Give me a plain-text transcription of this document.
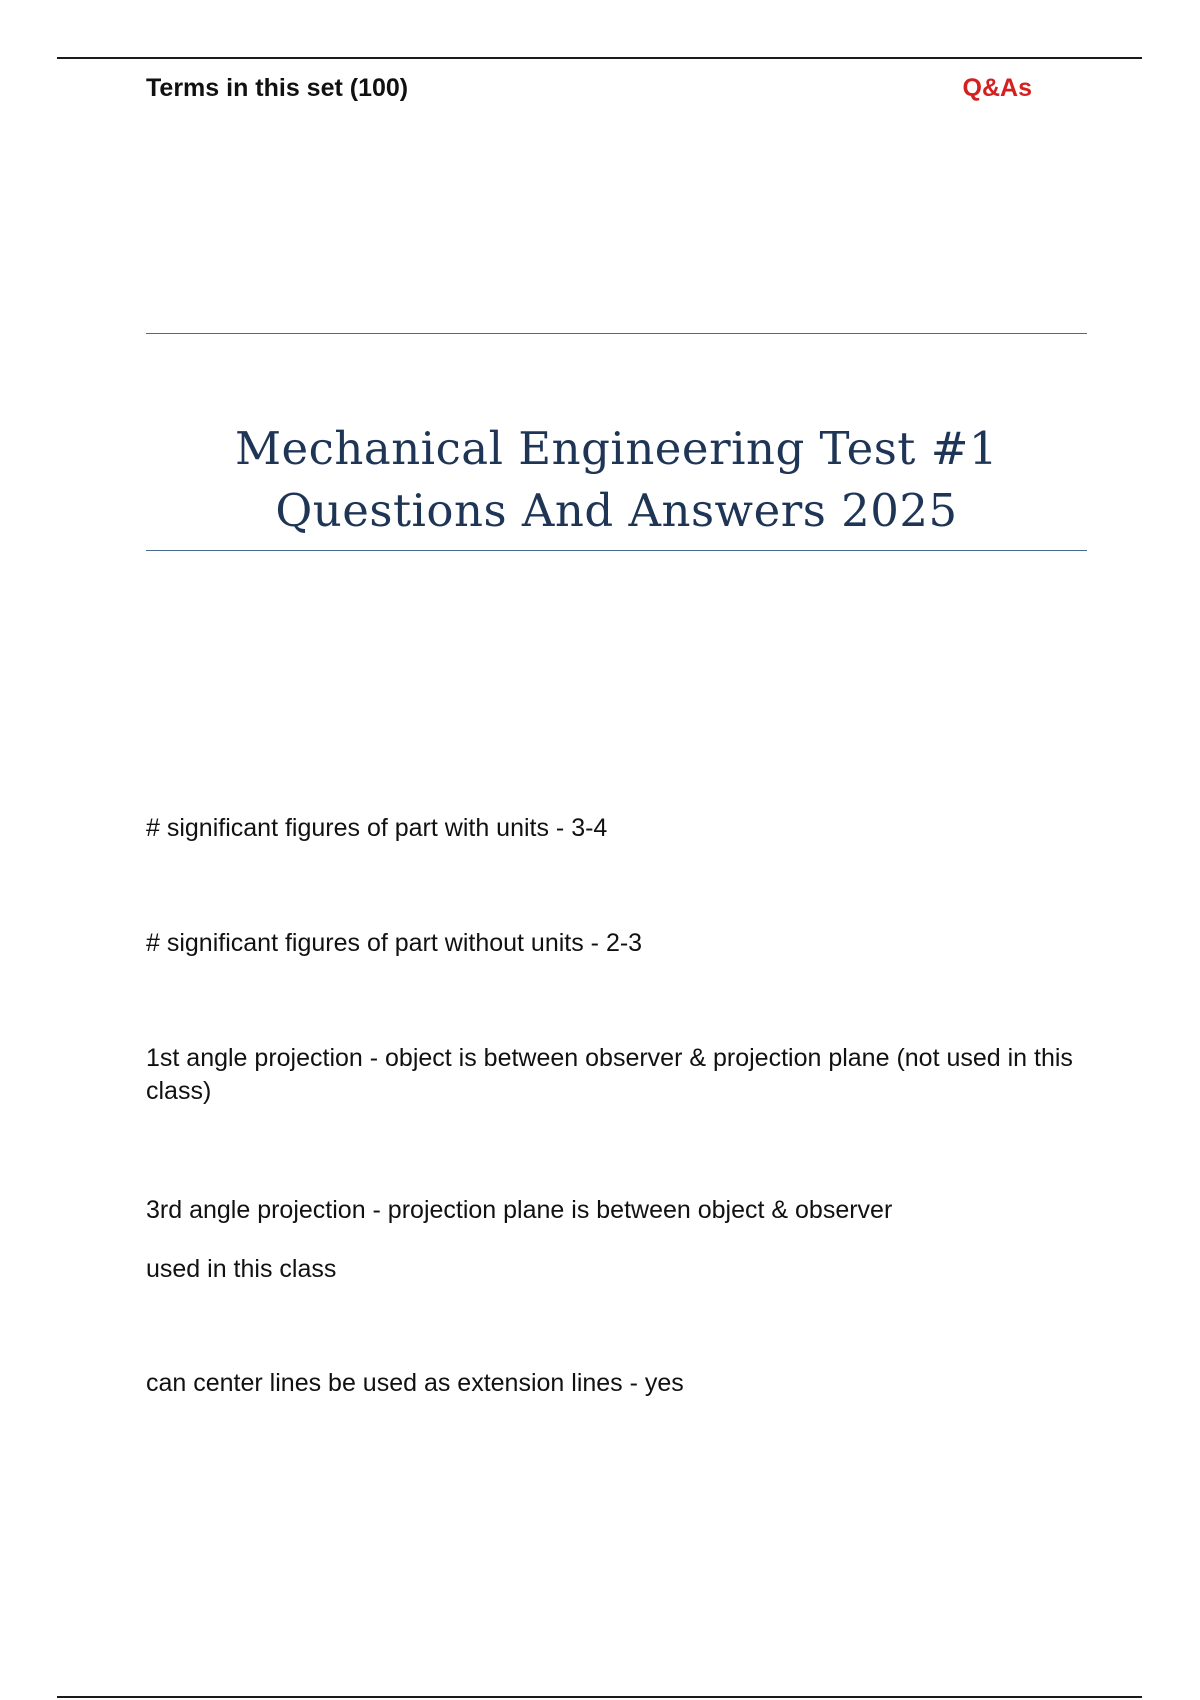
Terms in this set (100)	Q&As
Mechanical Engineering Test #1
Questions And Answers 2025
# significant figures of part with units - 3-4
# significant figures of part without units - 2-3
1st angle projection - object is between observer & projection plane (not used in this class)
3rd angle projection - projection plane is between object & observer
used in this class
can center lines be used as extension lines - yes
